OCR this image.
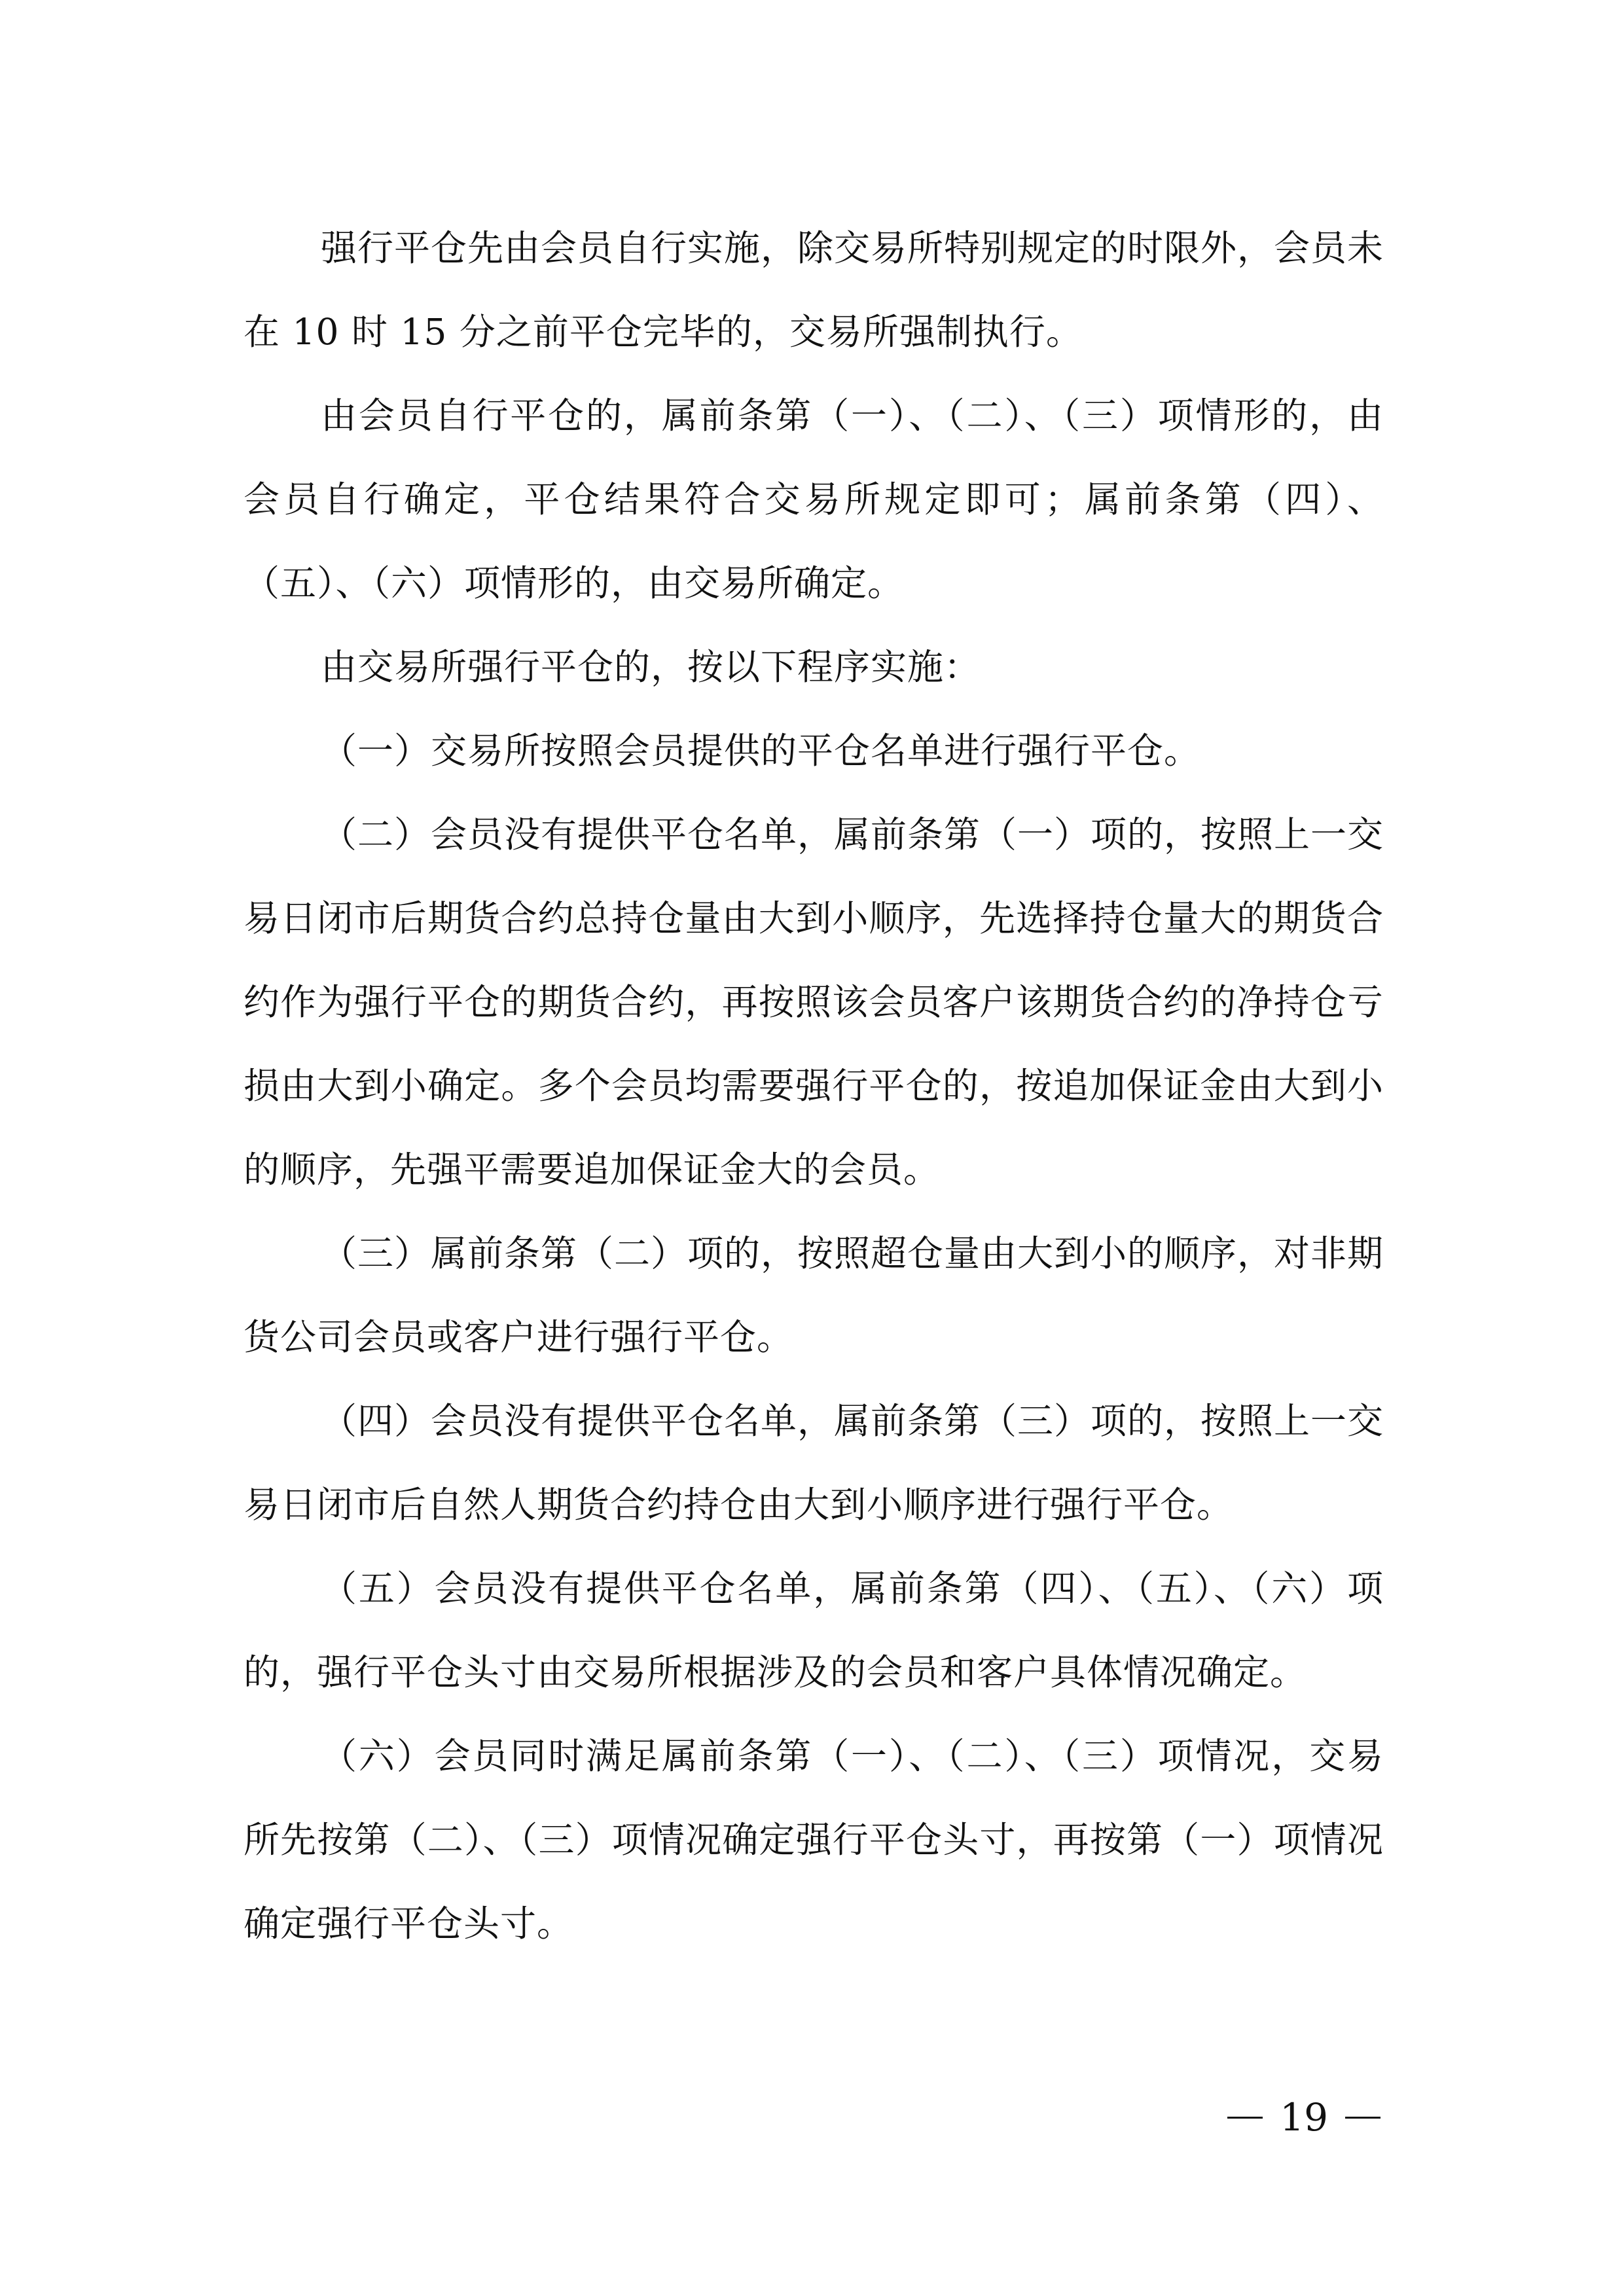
强行平仓先由会员自行实施，除交易所特别规定的时限外，会员未在 10 时 15 分之前平仓完毕的，交易所强制执行。

由会员自行平仓的，属前条第（一）、（二）、（三）项情形的，由会员自行确定，平仓结果符合交易所规定即可；属前条第（四）、（五）、（六）项情形的，由交易所确定。

由交易所强行平仓的，按以下程序实施：

（一）交易所按照会员提供的平仓名单进行强行平仓。

（二）会员没有提供平仓名单，属前条第（一）项的，按照上一交易日闭市后期货合约总持仓量由大到小顺序，先选择持仓量大的期货合约作为强行平仓的期货合约，再按照该会员客户该期货合约的净持仓亏损由大到小确定。多个会员均需要强行平仓的，按追加保证金由大到小的顺序，先强平需要追加保证金大的会员。

（三）属前条第（二）项的，按照超仓量由大到小的顺序，对非期货公司会员或客户进行强行平仓。

（四）会员没有提供平仓名单，属前条第（三）项的，按照上一交易日闭市后自然人期货合约持仓由大到小顺序进行强行平仓。

（五）会员没有提供平仓名单，属前条第（四）、（五）、（六）项的，强行平仓头寸由交易所根据涉及的会员和客户具体情况确定。

（六）会员同时满足属前条第（一）、（二）、（三）项情况，交易所先按第（二）、（三）项情况确定强行平仓头寸，再按第（一）项情况确定强行平仓头寸。

19
